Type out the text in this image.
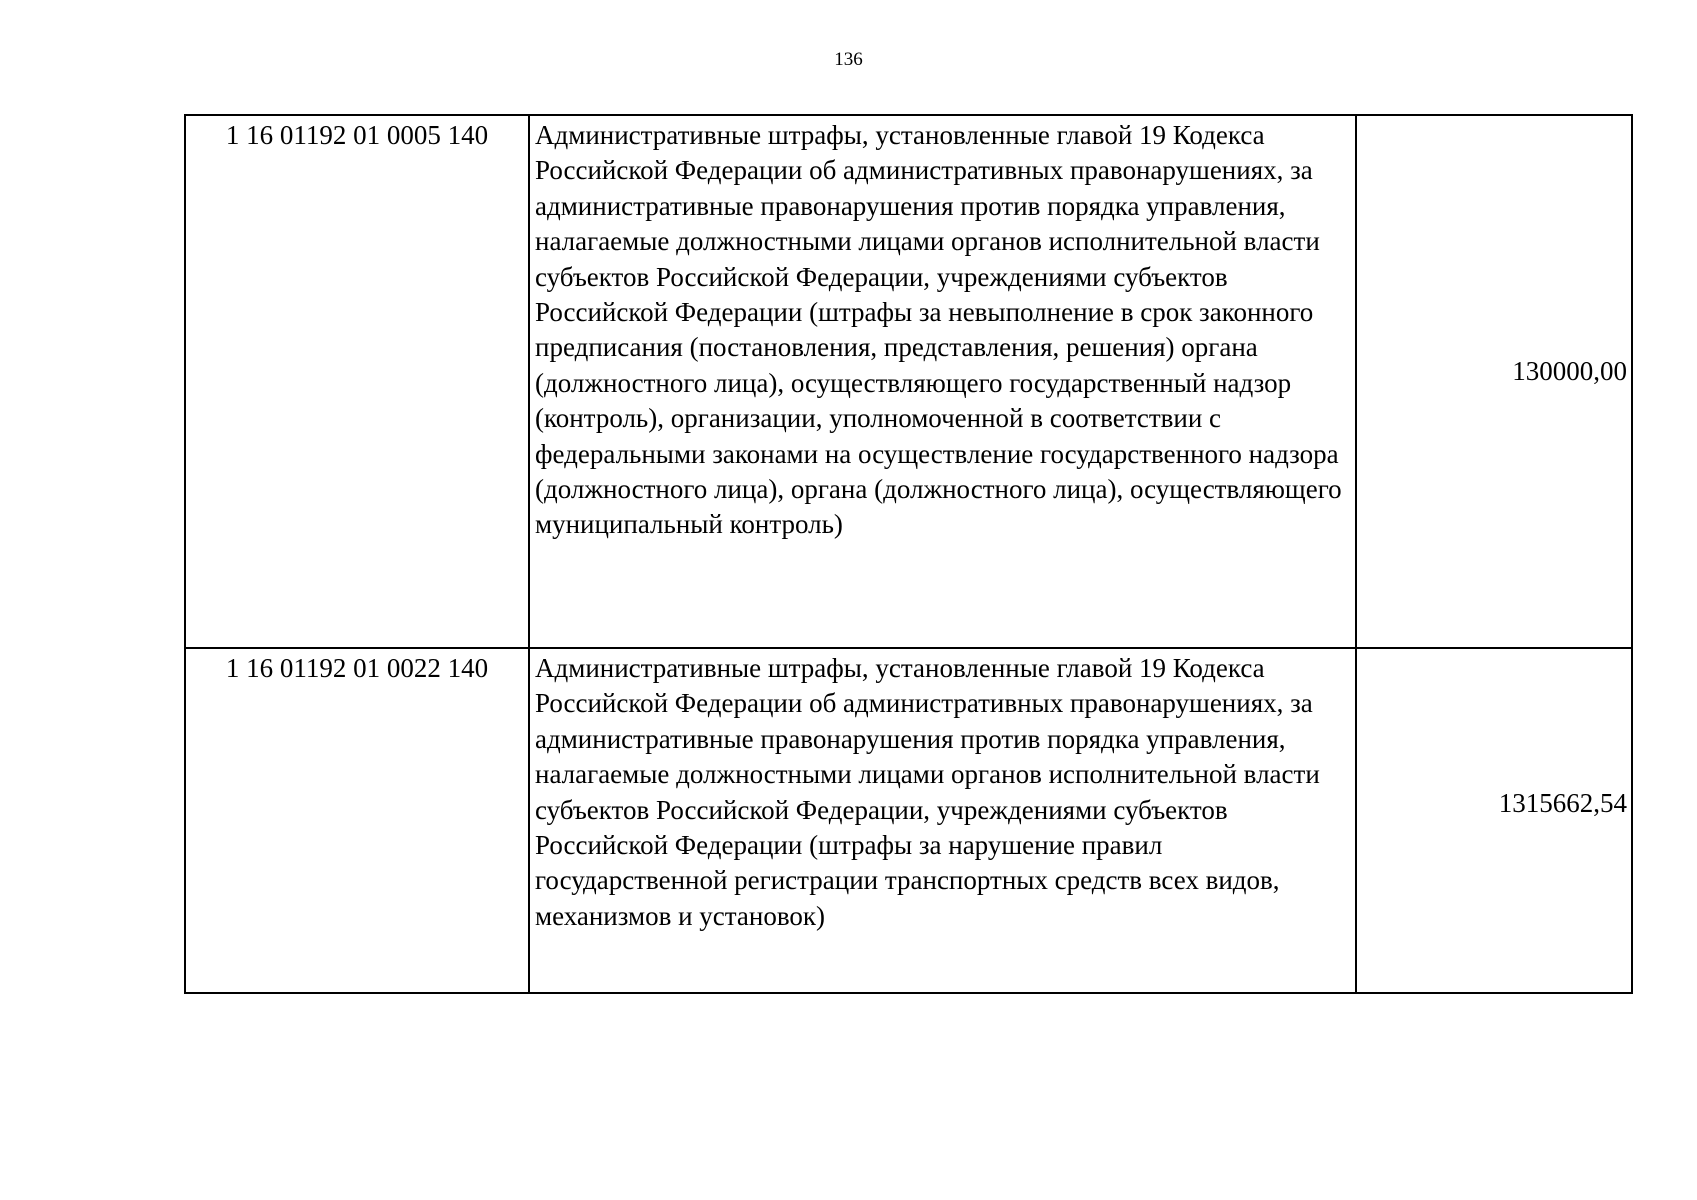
136
1 16 01192 01 0005 140	Административные штрафы, установленные главой 19 Кодекса Российской Федерации об административных правонарушениях, за административные правонарушения против порядка управления, налагаемые должностными лицами органов исполнительной власти субъектов Российской Федерации, учреждениями субъектов Российской Федерации (штрафы за невыполнение в срок законного предписания (постановления, представления, решения) органа (должностного лица), осуществляющего государственный надзор (контроль), организации, уполномоченной в соответствии с федеральными законами на осуществление государственного надзора (должностного лица), органа (должностного лица), осуществляющего муниципальный контроль)	130000,00
1 16 01192 01 0022 140	Административные штрафы, установленные главой 19 Кодекса Российской Федерации об административных правонарушениях, за административные правонарушения против порядка управления, налагаемые должностными лицами органов исполнительной власти субъектов Российской Федерации, учреждениями субъектов Российской Федерации (штрафы за нарушение правил государственной регистрации транспортных средств всех видов, механизмов и установок)	1315662,54
